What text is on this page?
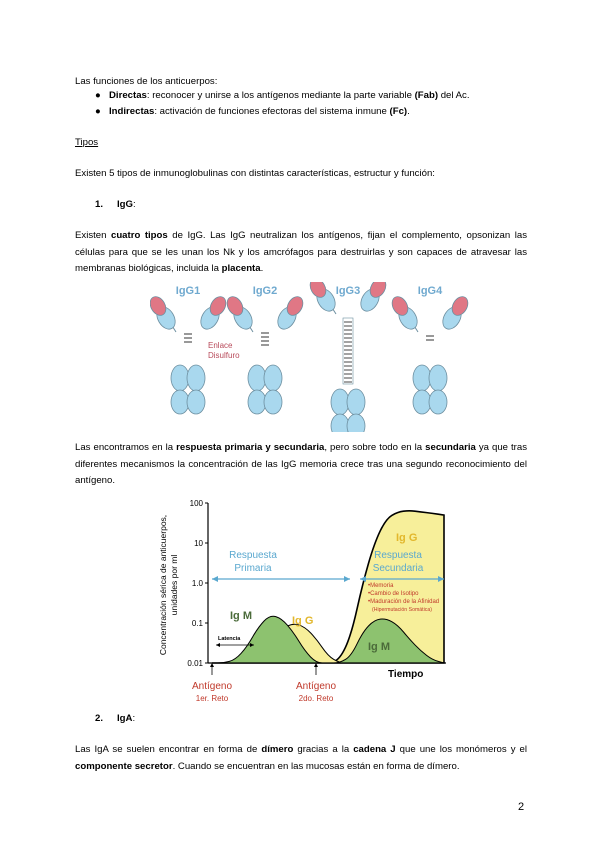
Las funciones de los anticuerpos:
● Directas: reconocer y unirse a los antígenos mediante la parte variable (Fab) del Ac.
● Indirectas: activación de funciones efectoras del sistema inmune (Fc).
Tipos
Existen 5 tipos de inmunoglobulinas con distintas características, estructur y función:
1. IgG:
Existen cuatro tipos de IgG. Las IgG neutralizan los antígenos, fijan el complemento, opsonizan las células para que se les unan los Nk y los amcrófagos para destruirlas y son capaces de atravesar las membranas biológicas, incluida la placenta.
IgG1
Enlace
Disulfuro
IgG2	IgG3	IgG4
Las encontramos en la respuesta primaria y secundaria, pero sobre todo en la secundaria ya que tras diferentes mecanismos la concentración de las IgG memoria crece tras una segundo reconocimiento del antígeno.
100
10
1.0
0.1
0.01
Concentración sérica de anticuerpos, unidades por ml
Tiempo
Respuesta
Primaria
Respuesta
Secundaria
Ig G
•Memoria
•Cambio de Isotipo
•Maduración de la Afinidad
(Hipermutación Somática)
Ig M	Ig G
Ig M
Latencia
Antígeno
1er. Reto
Antígeno
2do. Reto
2. IgA:
Las IgA se suelen encontrar en forma de dímero gracias a la cadena J que une los monómeros y el componente secretor. Cuando se encuentran en las mucosas están en forma de dímero.
2
